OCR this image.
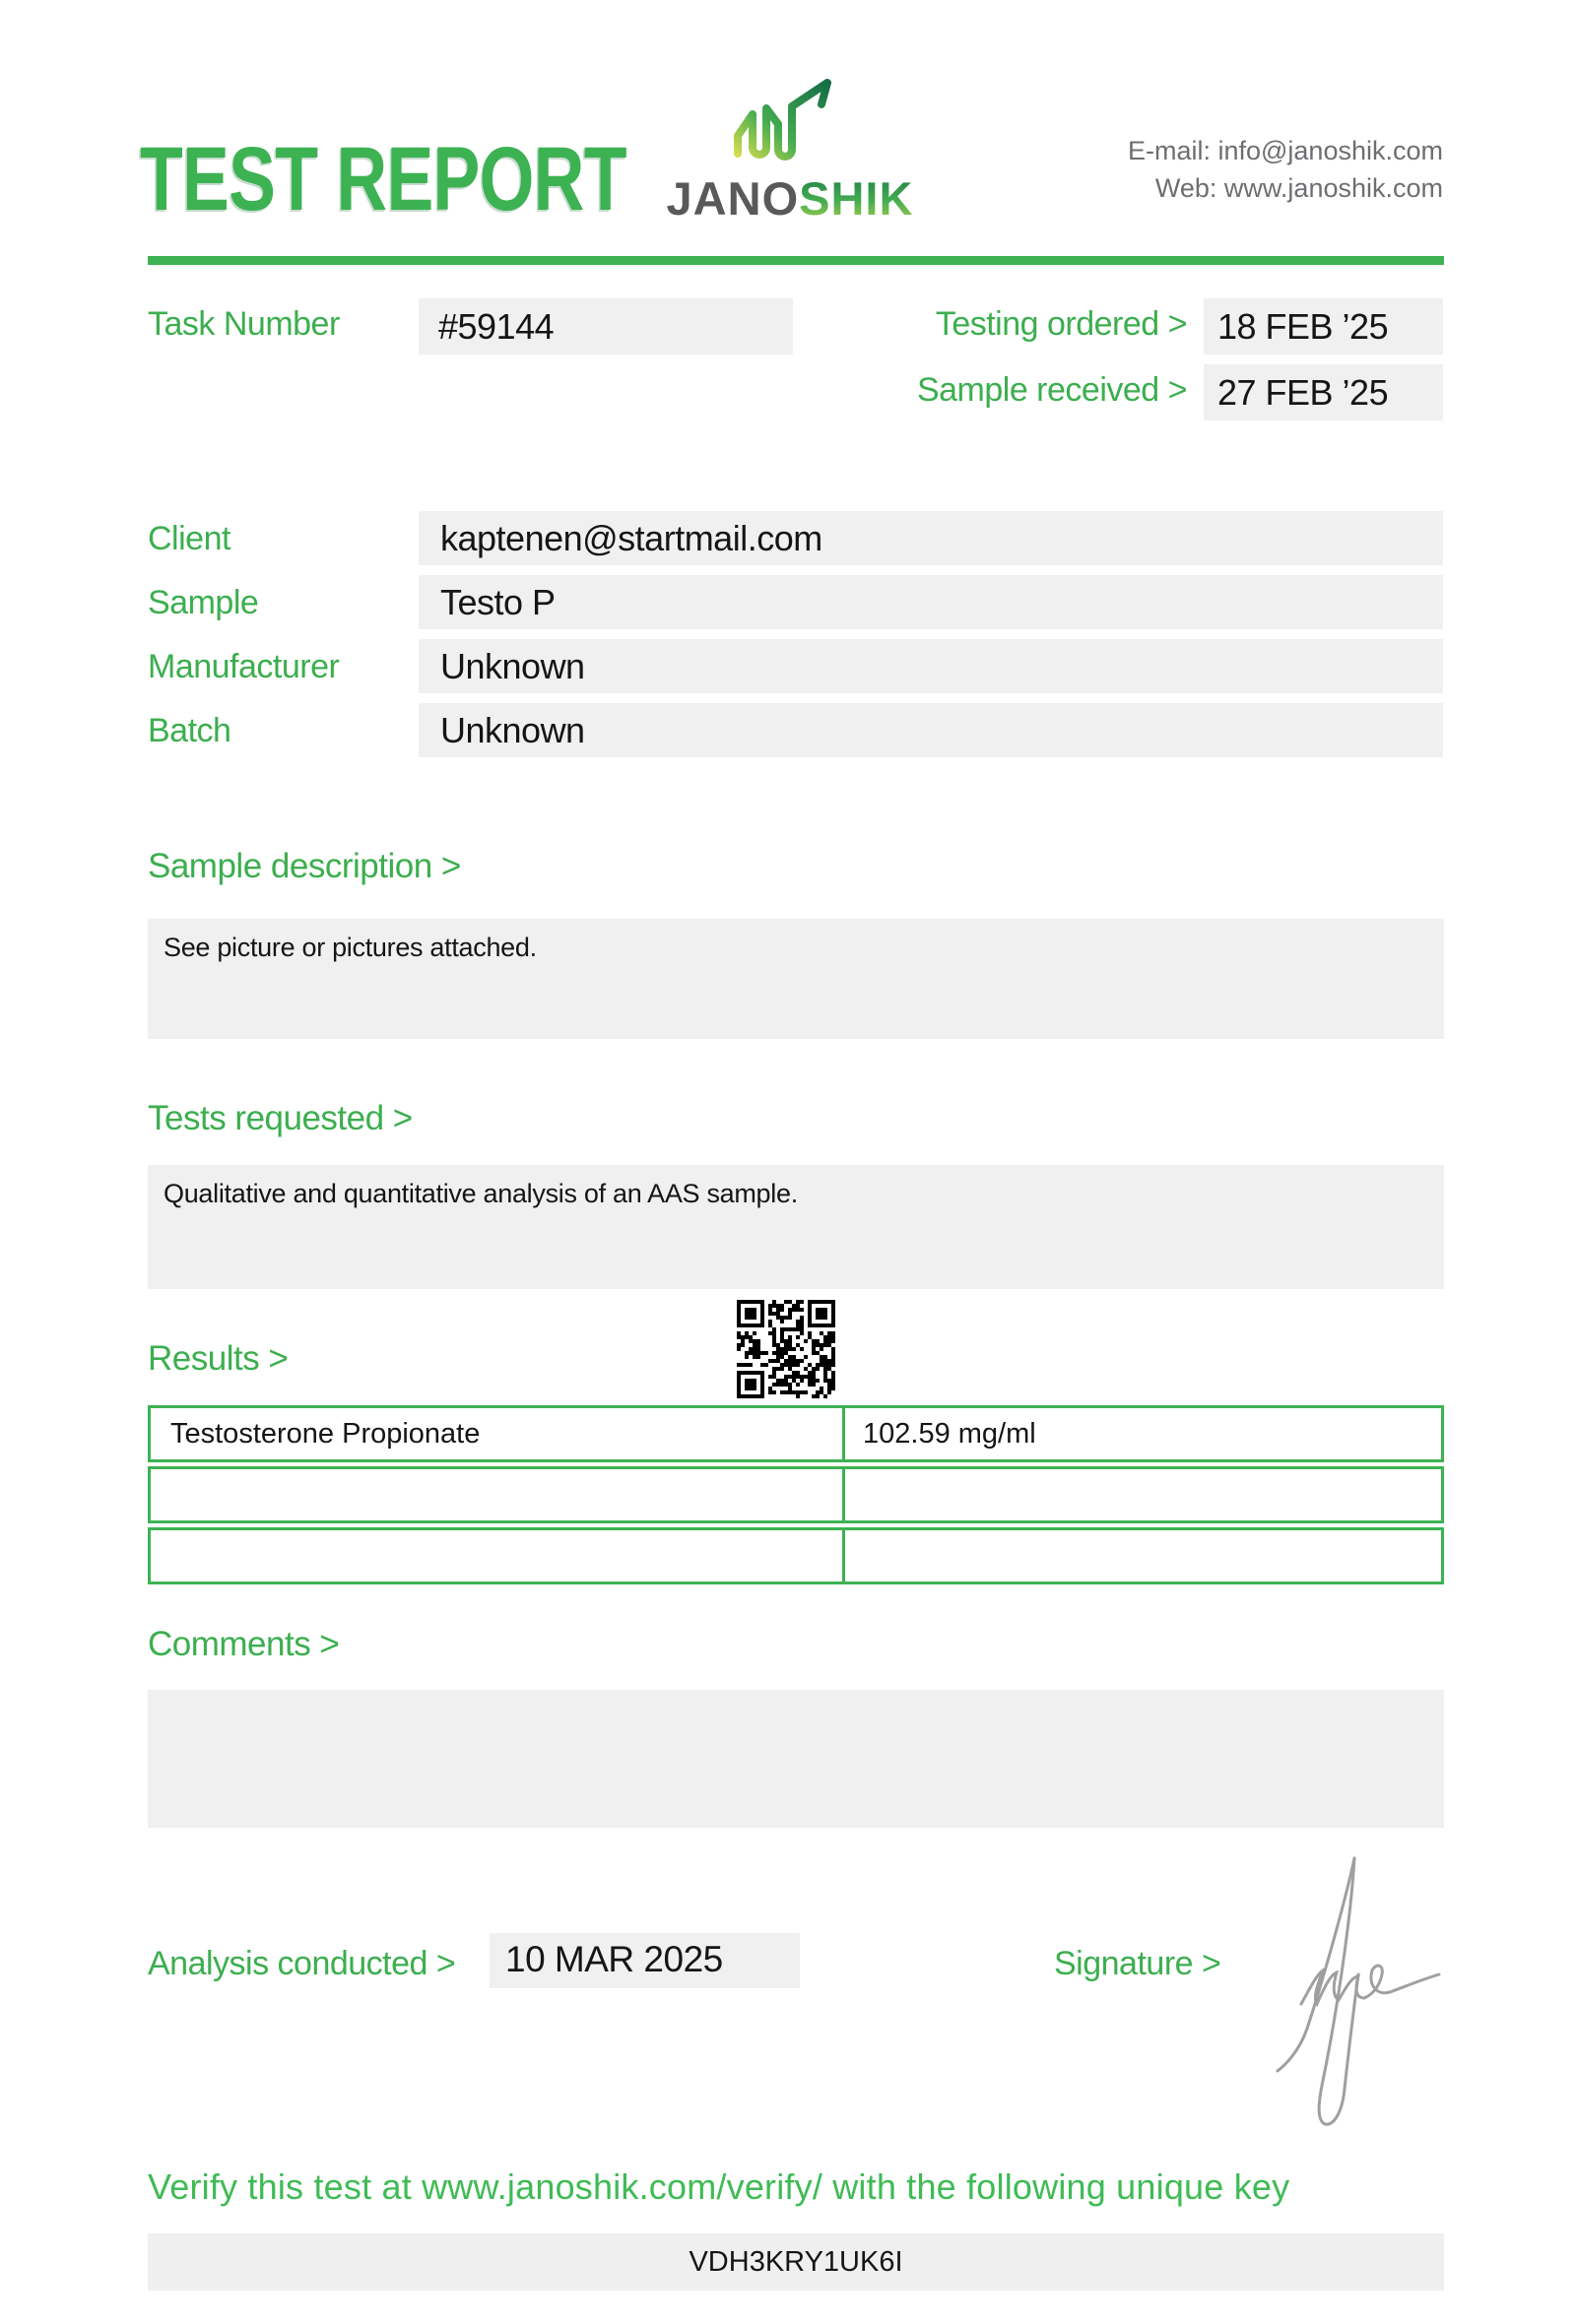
TEST REPORT JANOSHIK
E-mail: info@janoshik.com
Web: www.janoshik.com
Task Number	#59144	Testing ordered > 18 FEB ’25
Sample received > 27 FEB ’25
Client	kaptenen@startmail.com
Sample	Testo P
Manufacturer	Unknown
Batch	Unknown
Sample description >
See picture or pictures attached.
Tests requested >
Qualitative and quantitative analysis of an AAS sample.
Results >
Testosterone Propionate	102.59 mg/ml
Comments >
Analysis conducted >	10 MAR 2025	Signature >
Verify this test at www.janoshik.com/verify/ with the following unique key
VDH3KRY1UK6I
